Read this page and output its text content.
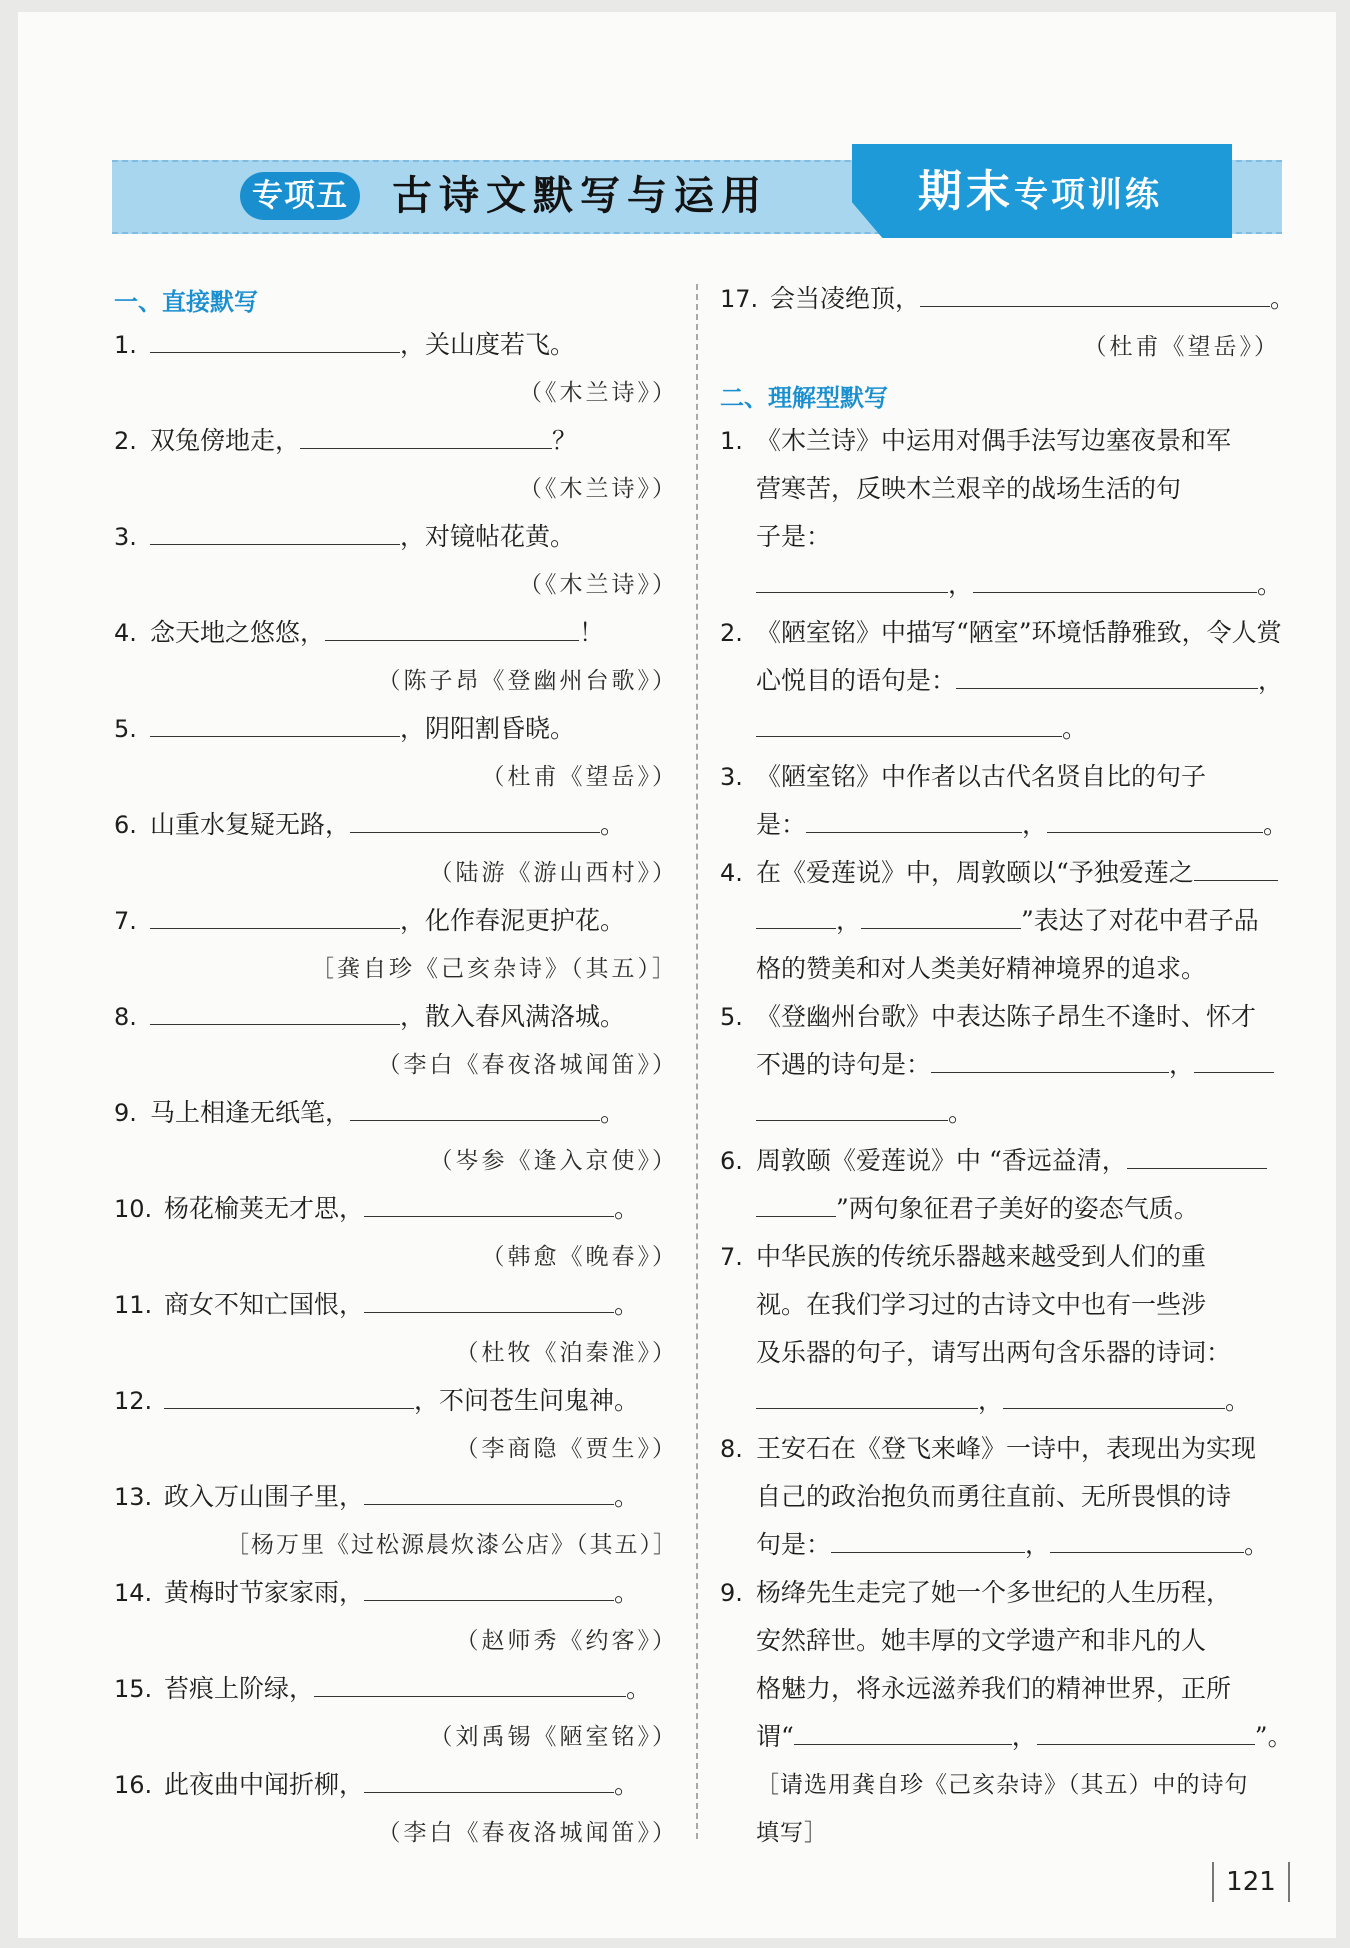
专项五	古诗文默写与运用	期末专项训练
一、直接默写
1.	，关山度若飞。
（《木兰诗》）
2. 双兔傍地走，	？
（《木兰诗》）
3.	，对镜帖花黄。
（《木兰诗》）
4. 念天地之悠悠，	！
（陈子昂《登幽州台歌》）
5.	，阴阳割昏晓。
（杜甫《望岳》）
6. 山重水复疑无路，	。
（陆游《游山西村》）
7.	，化作春泥更护花。
［龚自珍《己亥杂诗》（其五）］
8.	，散入春风满洛城。
（李白《春夜洛城闻笛》）
9. 马上相逢无纸笔，	。
（岑参《逢入京使》）
10. 杨花榆荚无才思，	。
（韩愈《晚春》）
11. 商女不知亡国恨，	。
（杜牧《泊秦淮》）
12.	，不问苍生问鬼神。
（李商隐《贾生》）
13. 政入万山围子里，	。
［杨万里《过松源晨炊漆公店》（其五）］
14. 黄梅时节家家雨，	。
（赵师秀《约客》）
15. 苔痕上阶绿，	。
（刘禹锡《陋室铭》）
16. 此夜曲中闻折柳，	。
（李白《春夜洛城闻笛》）
17. 会当凌绝顶，	。
（杜甫《望岳》）
二、理解型默写
1. 《木兰诗》中运用对偶手法写边塞夜景和军
营寒苦，反映木兰艰辛的战场生活的句
子是：
，	。
2. 《陋室铭》中描写“陋室”环境恬静雅致，令人赏
心悦目的语句是：	，
。
3. 《陋室铭》中作者以古代名贤自比的句子
是：	，	。
4. 在《爱莲说》中，周敦颐以“予独爱莲之
，	”表达了对花中君子品
格的赞美和对人类美好精神境界的追求。
5. 《登幽州台歌》中表达陈子昂生不逢时、怀才
不遇的诗句是：	，
。
6. 周敦颐《爱莲说》中 “香远益清，
”两句象征君子美好的姿态气质。
7. 中华民族的传统乐器越来越受到人们的重
视。在我们学习过的古诗文中也有一些涉
及乐器的句子，请写出两句含乐器的诗词：
，	。
8. 王安石在《登飞来峰》一诗中，表现出为实现
自己的政治抱负而勇往直前、无所畏惧的诗
句是：	，	。
9. 杨绛先生走完了她一个多世纪的人生历程，
安然辞世。她丰厚的文学遗产和非凡的人
格魅力，将永远滋养我们的精神世界，正所
谓“	，	”。
［请选用龚自珍《己亥杂诗》（其五）中的诗句
填写］
121
